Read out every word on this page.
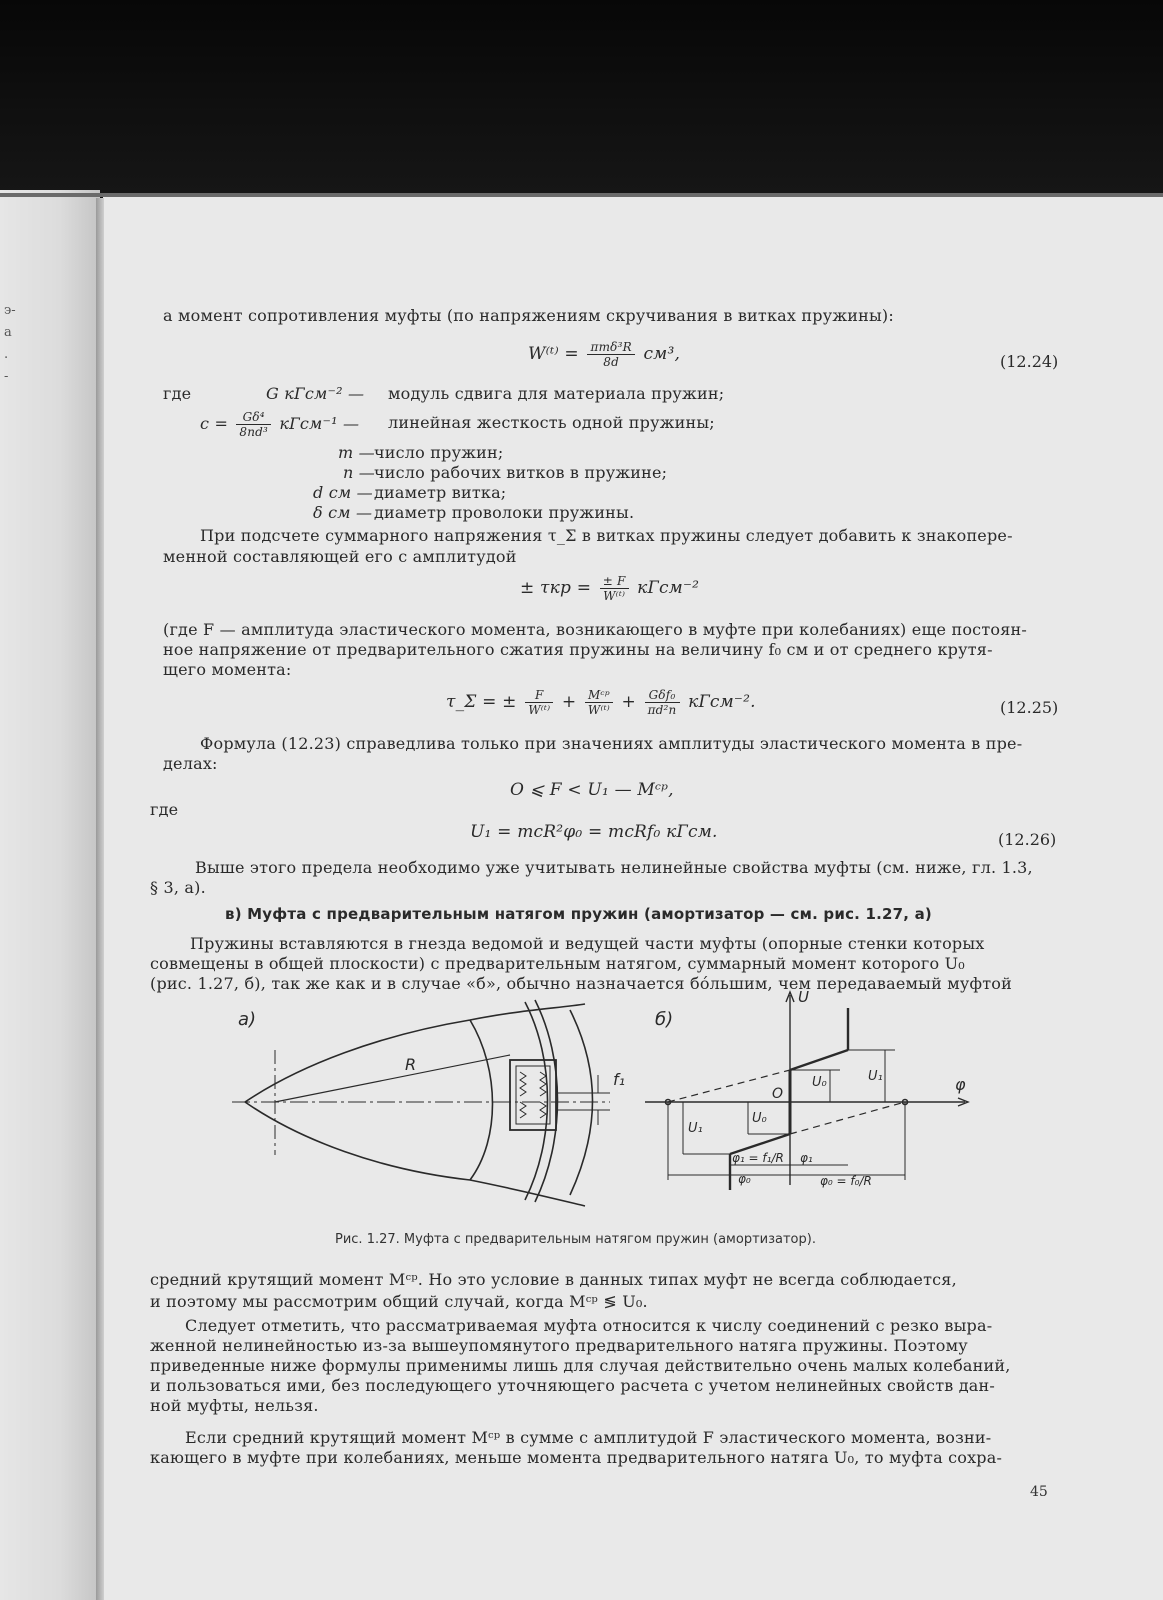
э-
а
.
-
а момент сопротивления муфты (по напряжениям скручивания в витках пружины):
W⁽ᵗ⁾ = $\frac{\text{πmδ³R}}{8d} см^3$,	(12.24)
где	G кГсм⁻² — модуль сдвига для материала пружин;
$c = \frac{\text{Gδ⁴}}{\text{8nd³}}$ кГсм⁻¹ — линейная жесткость одной пружины;
m — число пружин;
n — число рабочих витков в пружине;
d см — диаметр витка;
δ см — диаметр проволоки пружины.
При подсчете суммарного напряжения τ_Σ в витках пружины следует добавить к знакопере-
менной составляющей его с амплитудой
± $\tau кр = \frac{\pm F}{\text{W⁽ᵗ⁾}}$ кГсм⁻²
(где F — амплитуда эластического момента, возникающего в муфте при колебаниях) еще постоян-
ное напряжение от предварительного сжатия пружины на величину f₀ см и от среднего крутя-
щего момента:
τ_Σ = ± $\frac{F}{\text{W⁽ᵗ⁾}} + \frac{\text{Mᶜᵖ}}{\text{W⁽ᵗ⁾}} + \frac{\text{Gδf₀}}{\text{πd²n}}$ кГсм⁻².	(12.25)
Формула (12.23) справедлива только при значениях амплитуды эластического момента в пре-
делах:
O ⩽ F < U₁ — Mᶜᵖ,
где
U₁ = mcR²φ₀ = mcRf₀ кГсм.	(12.26)
Выше этого предела необходимо уже учитывать нелинейные свойства муфты (см. ниже, гл. 1.3,
§ 3, а).
в) Муфта с предварительным натягом пружин (амортизатор — см. рис. 1.27, а)
Пружины вставляются в гнезда ведомой и ведущей части муфты (опорные стенки которых
совмещены в общей плоскости) с предварительным натягом, суммарный момент которого U₀
(рис. 1.27, б), так же как и в случае «б», обычно назначается бо́льшим, чем передаваемый муфтой
а)
R
f₁
б)
U
φ
O
U₀	U₁
U₁
U₀
φ₁ = f₁/R φ₁
φ₀	φ₀ = f₀/R
Рис. 1.27. Муфта с предварительным натягом пружин (амортизатор).
средний крутящий момент Mᶜᵖ. Но это условие в данных типах муфт не всегда соблюдается,
и поэтому мы рассмотрим общий случай, когда Mᶜᵖ ≶ U₀.
Следует отметить, что рассматриваемая муфта относится к числу соединений с резко выра-
женной нелинейностью из-за вышеупомянутого предварительного натяга пружины. Поэтому
приведенные ниже формулы применимы лишь для случая действительно очень малых колебаний,
и пользоваться ими, без последующего уточняющего расчета с учетом нелинейных свойств дан-
ной муфты, нельзя.
Если средний крутящий момент Mᶜᵖ в сумме с амплитудой F эластического момента, возни-
кающего в муфте при колебаниях, меньше момента предварительного натяга U₀, то муфта сохра-
45
